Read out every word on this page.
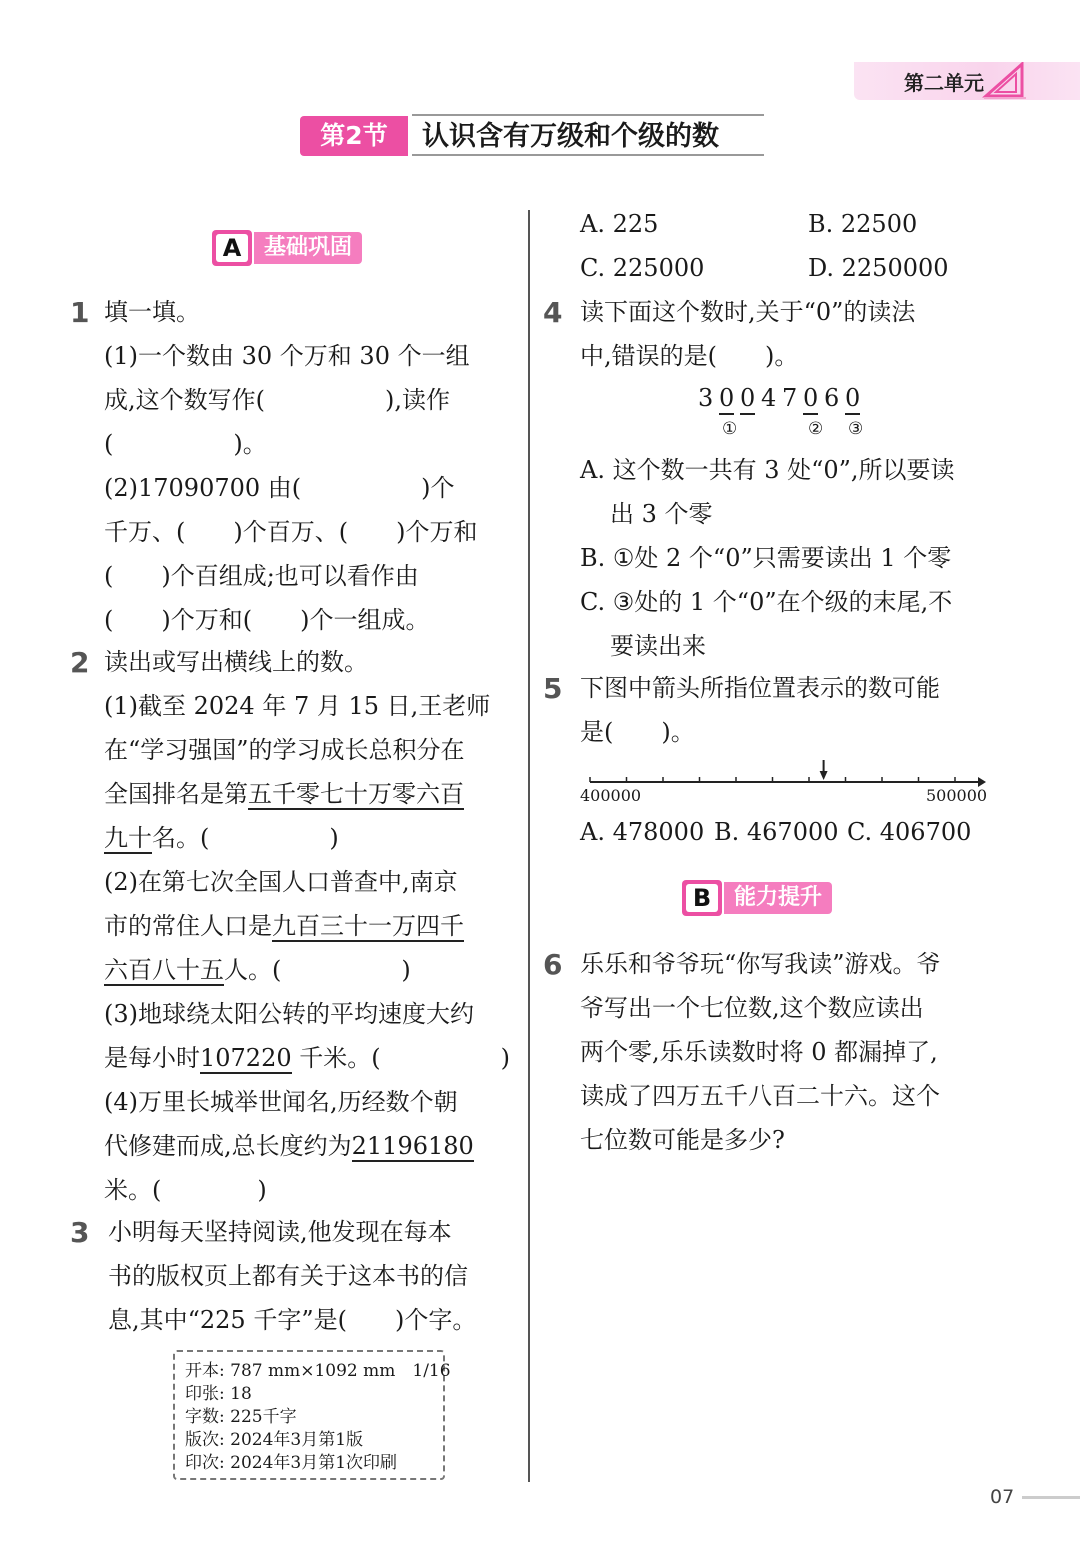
第二单元
第2节	认识含有万级和个级的数
A	基础巩固
1 填一填。
(1)一个数由 30 个万和 30 个一组
成,这个数写作(　　　　　),读作
(　　　　　)。
(2)17090700 由(　　　　　)个
千万、(　　)个百万、(　　)个万和
(　　)个百组成;也可以看作由
(　　)个万和(　　)个一组成。
2 读出或写出横线上的数。
(1)截至 2024 年 7 月 15 日,王老师
在“学习强国”的学习成长总积分在
全国排名是第五千零七十万零六百
九十名。(　　　　　)
(2)在第七次全国人口普查中,南京
市的常住人口是九百三十一万四千
六百八十五人。(　　　　　)
(3)地球绕太阳公转的平均速度大约
是每小时107220 千米。(　　　　　)
(4)万里长城举世闻名,历经数个朝
代修建而成,总长度约为21196180
米。(　　　　)
3 小明每天坚持阅读,他发现在每本
书的版权页上都有关于这本书的信
息,其中“225 千字”是(　　)个字。
开本: 787 mm×1092 mm　1/16
印张: 18
字数: 225千字
版次: 2024年3月第1版
印次: 2024年3月第1次印刷
A. 225	B. 22500
C. 225000	D. 2250000
4 读下面这个数时,关于“0”的读法
中,错误的是(　　)。
3 0 0 4 7 0 6 0
①	② ③
A. 这个数一共有 3 处“0”,所以要读
出 3 个零
B. ①处 2 个“0”只需要读出 1 个零
C. ③处的 1 个“0”在个级的末尾,不
要读出来
5 下图中箭头所指位置表示的数可能
是(　　)。
400000	500000
A. 478000 B. 467000 C. 406700
B	能力提升
6 乐乐和爷爷玩“你写我读”游戏。爷
爷写出一个七位数,这个数应读出
两个零,乐乐读数时将 0 都漏掉了,
读成了四万五千八百二十六。这个
七位数可能是多少?
07
